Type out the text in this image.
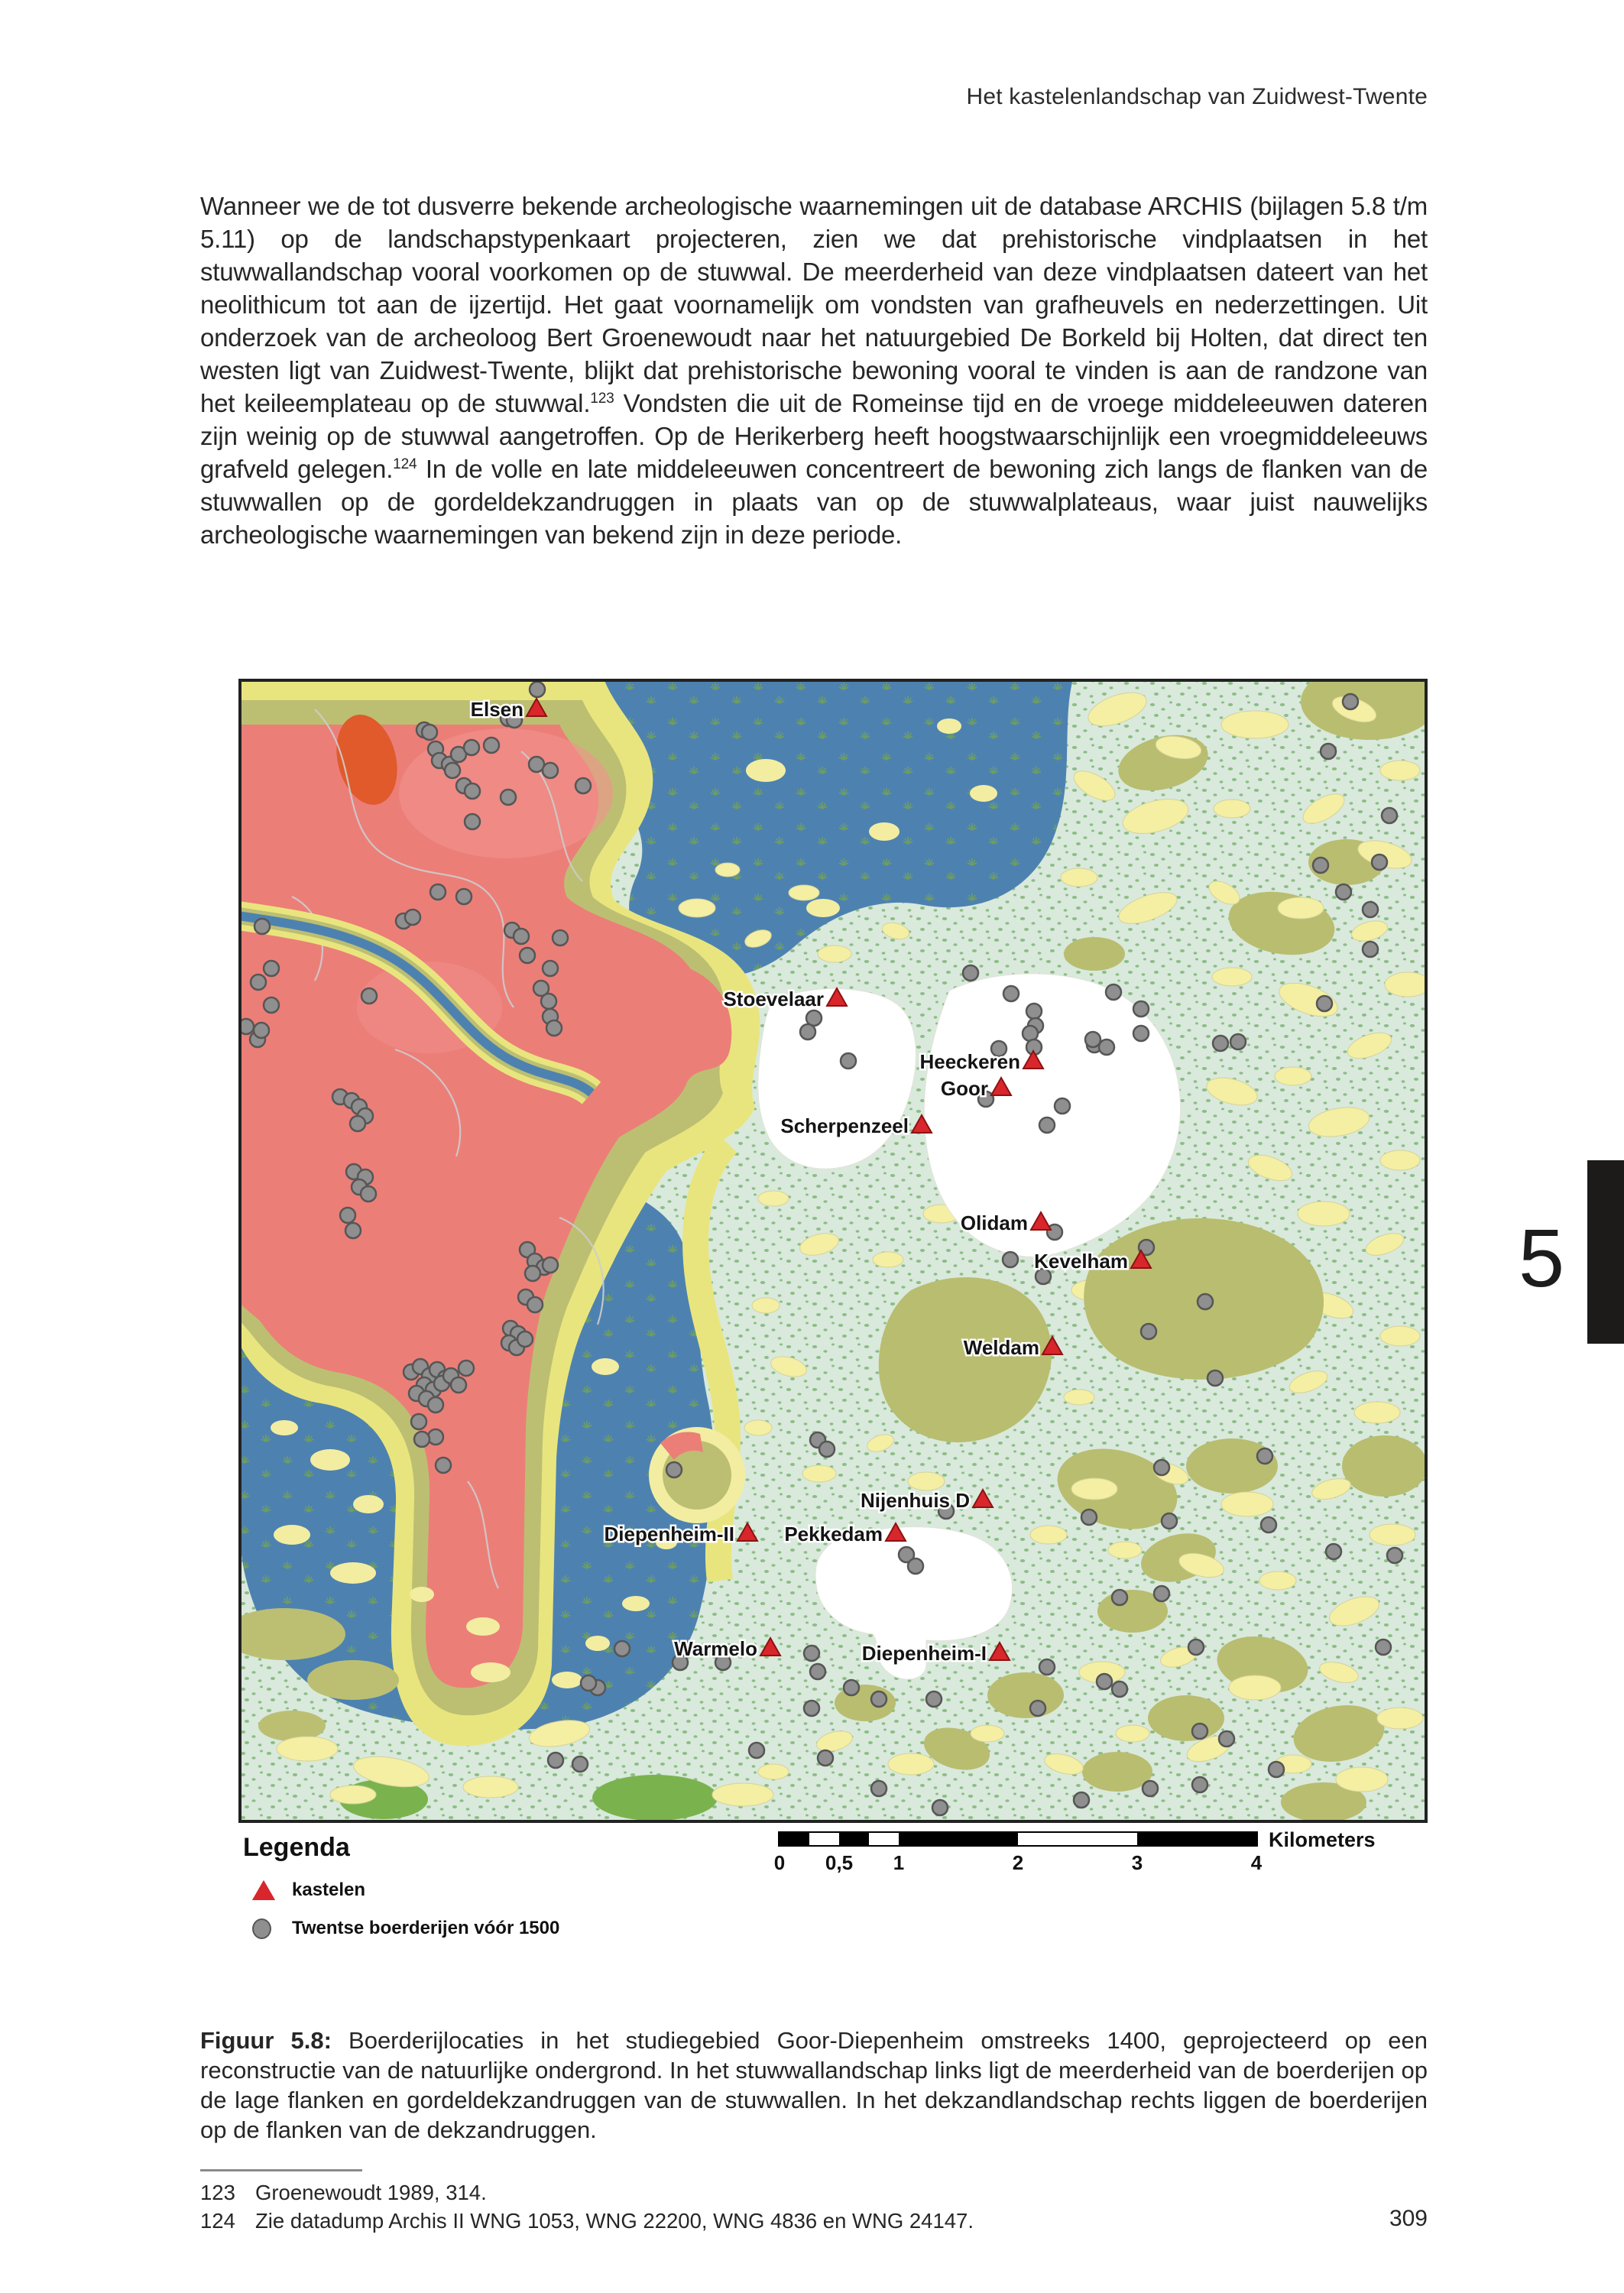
Het kastelenlandschap van Zuidwest-Twente
Wanneer we de tot dusverre bekende archeologische waarnemingen uit de database ARCHIS (bijlagen 5.8 t/m 5.11) op de landschapstypenkaart projecteren, zien we dat prehistorische vindplaatsen in het stuwwallandschap vooral voorkomen op de stuwwal. De meerderheid van deze vindplaatsen dateert van het neolithicum tot aan de ijzertijd. Het gaat voornamelijk om vondsten van grafheuvels en nederzettingen. Uit onderzoek van de archeoloog Bert Groenewoudt naar het natuurgebied De Borkeld bij Holten, dat direct ten westen ligt van Zuidwest-Twente, blijkt dat prehistorische bewoning vooral te vinden is aan de randzone van het keileemplateau op de stuwwal.$^{123}$ Vondsten die uit de Romeinse tijd en de vroege middeleeuwen dateren zijn weinig op de stuwwal aangetroffen. Op de Herikerberg heeft hoogstwaarschijnlijk een vroegmiddeleeuws grafveld gelegen.$^{124}$ In de volle en late middeleeuwen concentreert de bewoning zich langs de flanken van de stuwwallen op de gordeldekzandruggen in plaats van op de stuwwalplateaus, waar juist nauwelijks archeologische waarnemingen van bekend zijn in deze periode.
Elsen
Stoevelaar
Heeckeren
Goor
Scherpenzeel
Olidam
Kevelham
Weldam
Nijenhuis D
Diepenheim-II	Pekkedam
Warmelo	Diepenheim-I
Legenda
kastelen
Twentse boerderijen vóór 1500
Kilometers
0 0,5 1	2	3	4
Figuur 5.8: Boerderijlocaties in het studiegebied Goor-Diepenheim omstreeks 1400, geprojecteerd op een reconstructie van de natuurlijke ondergrond. In het stuwwallandschap links ligt de meerderheid van de boerderijen op de lage flanken en gordeldekzandruggen van de stuwwallen. In het dekzandlandschap rechts liggen de boerderijen op de flanken van de dekzandruggen.
123 Groenewoudt 1989, 314.
124 Zie datadump Archis II WNG 1053, WNG 22200, WNG 4836 en WNG 24147.	309
5
